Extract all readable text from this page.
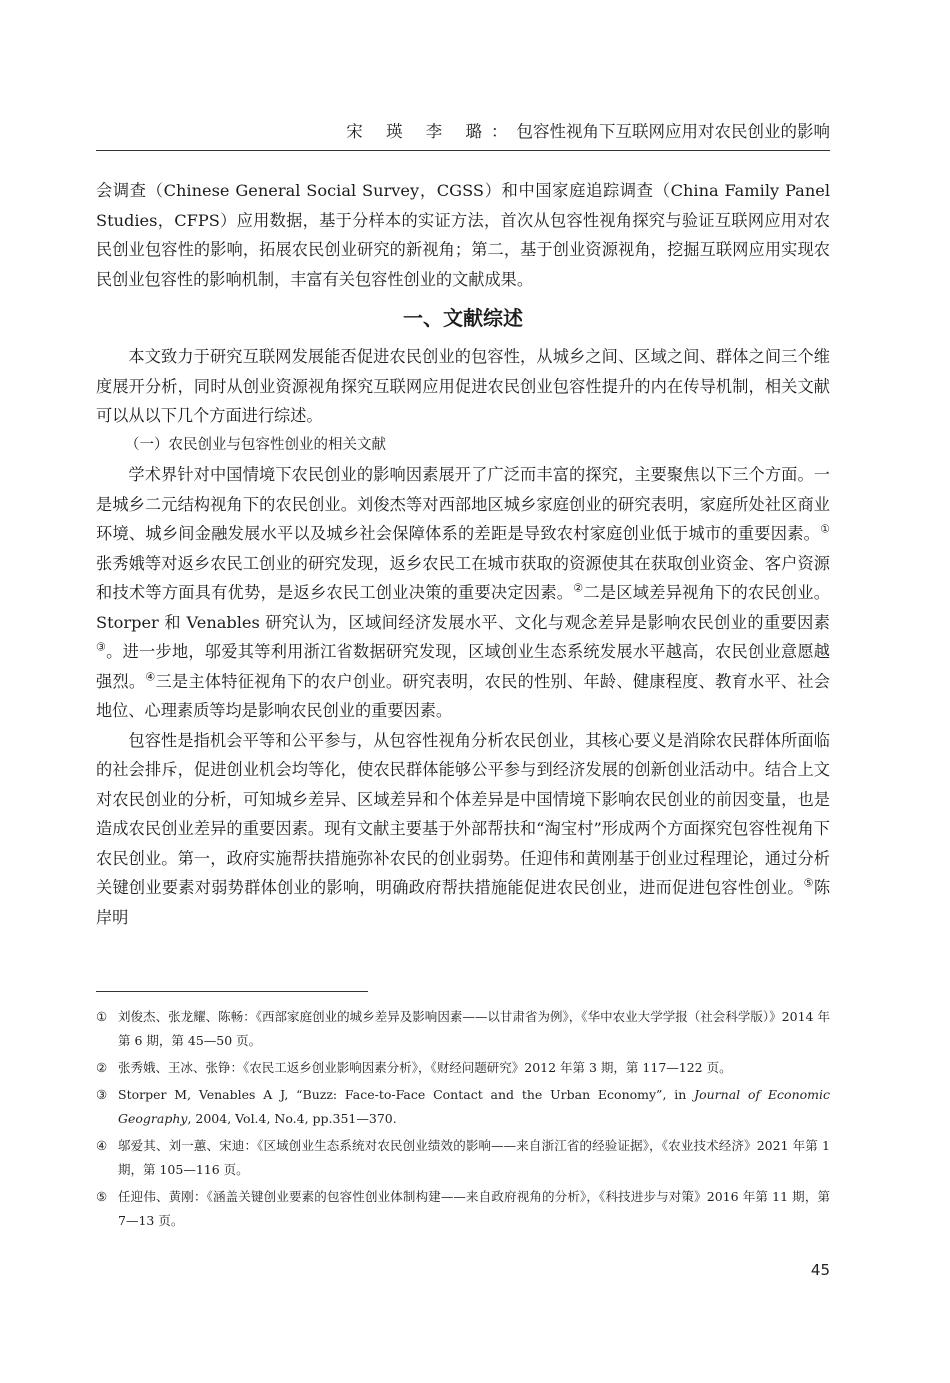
宋 瑛 李 璐：包容性视角下互联网应用对农民创业的影响

会调查（Chinese General Social Survey，CGSS）和中国家庭追踪调查（China Family Panel Studies，CFPS）应用数据，基于分样本的实证方法，首次从包容性视角探究与验证互联网应用对农民创业包容性的影响，拓展农民创业研究的新视角；第二，基于创业资源视角，挖掘互联网应用实现农民创业包容性的影响机制，丰富有关包容性创业的文献成果。

一、文献综述

本文致力于研究互联网发展能否促进农民创业的包容性，从城乡之间、区域之间、群体之间三个维度展开分析，同时从创业资源视角探究互联网应用促进农民创业包容性提升的内在传导机制，相关文献可以从以下几个方面进行综述。

（一）农民创业与包容性创业的相关文献

学术界针对中国情境下农民创业的影响因素展开了广泛而丰富的探究，主要聚焦以下三个方面。一是城乡二元结构视角下的农民创业。刘俊杰等对西部地区城乡家庭创业的研究表明，家庭所处社区商业环境、城乡间金融发展水平以及城乡社会保障体系的差距是导致农村家庭创业低于城市的重要因素。①张秀娥等对返乡农民工创业的研究发现，返乡农民工在城市获取的资源使其在获取创业资金、客户资源和技术等方面具有优势，是返乡农民工创业决策的重要决定因素。②二是区域差异视角下的农民创业。Storper 和 Venables 研究认为，区域间经济发展水平、文化与观念差异是影响农民创业的重要因素③。进一步地，邬爱其等利用浙江省数据研究发现，区域创业生态系统发展水平越高，农民创业意愿越强烈。④三是主体特征视角下的农户创业。研究表明，农民的性别、年龄、健康程度、教育水平、社会地位、心理素质等均是影响农民创业的重要因素。

包容性是指机会平等和公平参与，从包容性视角分析农民创业，其核心要义是消除农民群体所面临的社会排斥，促进创业机会均等化，使农民群体能够公平参与到经济发展的创新创业活动中。结合上文对农民创业的分析，可知城乡差异、区域差异和个体差异是中国情境下影响农民创业的前因变量，也是造成农民创业差异的重要因素。现有文献主要基于外部帮扶和“淘宝村”形成两个方面探究包容性视角下农民创业。第一，政府实施帮扶措施弥补农民的创业弱势。任迎伟和黄刚基于创业过程理论，通过分析关键创业要素对弱势群体创业的影响，明确政府帮扶措施能促进农民创业，进而促进包容性创业。⑤陈岸明

① 刘俊杰、张龙耀、陈畅：《西部家庭创业的城乡差异及影响因素——以甘肃省为例》，《华中农业大学学报（社会科学版）》2014 年第 6 期，第 45—50 页。
② 张秀娥、王冰、张铮：《农民工返乡创业影响因素分析》，《财经问题研究》2012 年第 3 期，第 117—122 页。
③ Storper M, Venables A J, “Buzz: Face-to-Face Contact and the Urban Economy”, in Journal of Economic Geography, 2004, Vol.4, No.4, pp.351—370.
④ 邬爱其、刘一蕙、宋迪：《区域创业生态系统对农民创业绩效的影响——来自浙江省的经验证据》，《农业技术经济》2021 年第 1 期，第 105—116 页。
⑤ 任迎伟、黄刚：《涵盖关键创业要素的包容性创业体制构建——来自政府视角的分析》，《科技进步与对策》2016 年第 11 期，第 7—13 页。
45
